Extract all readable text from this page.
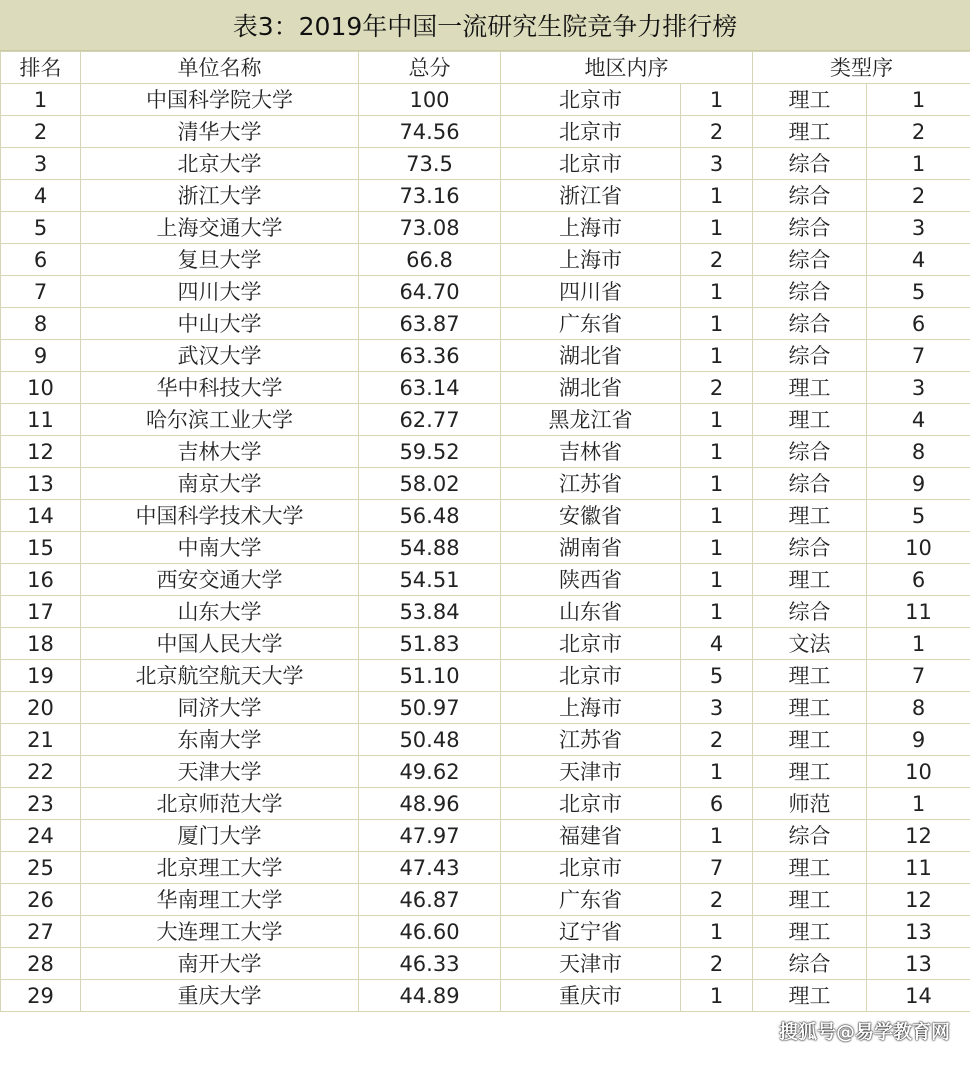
表3：2019年中国一流研究生院竞争力排行榜
排名	单位名称	总分	地区内序		类型序	
1	中国科学院大学	100	北京市	1	理工	1
2	清华大学	74.56	北京市	2	理工	2
3	北京大学	73.5	北京市	3	综合	1
4	浙江大学	73.16	浙江省	1	综合	2
5	上海交通大学	73.08	上海市	1	综合	3
6	复旦大学	66.8	上海市	2	综合	4
7	四川大学	64.70	四川省	1	综合	5
8	中山大学	63.87	广东省	1	综合	6
9	武汉大学	63.36	湖北省	1	综合	7
10	华中科技大学	63.14	湖北省	2	理工	3
11	哈尔滨工业大学	62.77	黑龙江省	1	理工	4
12	吉林大学	59.52	吉林省	1	综合	8
13	南京大学	58.02	江苏省	1	综合	9
14	中国科学技术大学	56.48	安徽省	1	理工	5
15	中南大学	54.88	湖南省	1	综合	10
16	西安交通大学	54.51	陕西省	1	理工	6
17	山东大学	53.84	山东省	1	综合	11
18	中国人民大学	51.83	北京市	4	文法	1
19	北京航空航天大学	51.10	北京市	5	理工	7
20	同济大学	50.97	上海市	3	理工	8
21	东南大学	50.48	江苏省	2	理工	9
22	天津大学	49.62	天津市	1	理工	10
23	北京师范大学	48.96	北京市	6	师范	1
24	厦门大学	47.97	福建省	1	综合	12
25	北京理工大学	47.43	北京市	7	理工	11
26	华南理工大学	46.87	广东省	2	理工	12
27	大连理工大学	46.60	辽宁省	1	理工	13
28	南开大学	46.33	天津市	2	综合	13
29	重庆大学	44.89	重庆市	1	理工	14
搜狐号@易学教育网
